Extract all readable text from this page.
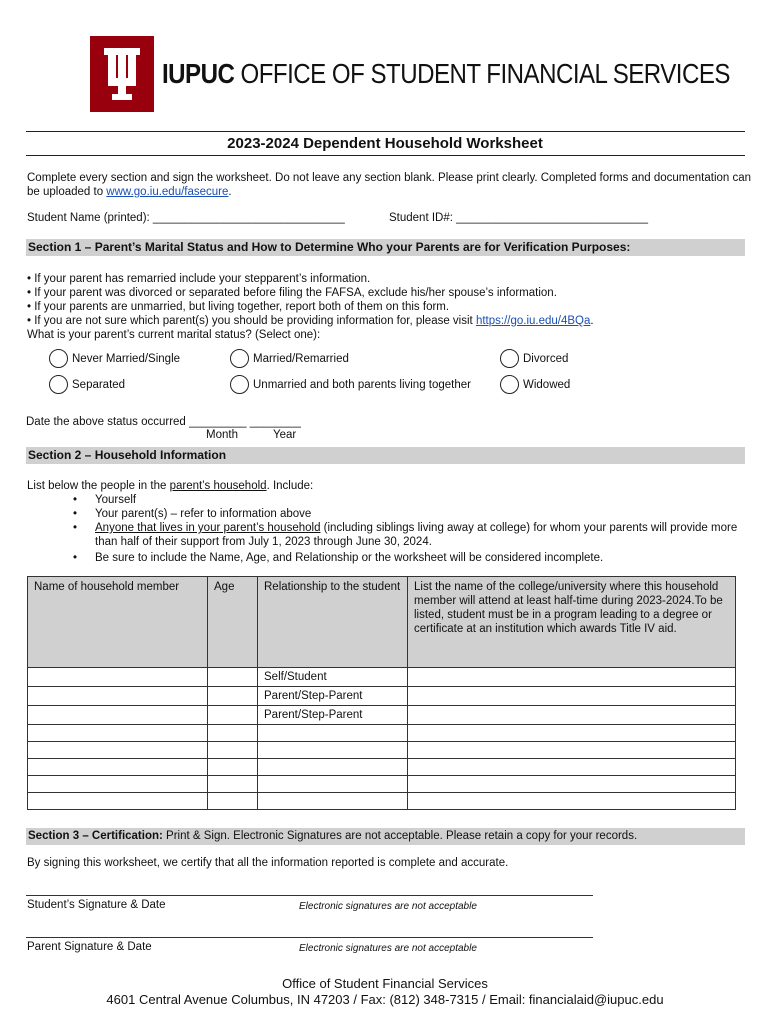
IUPUC OFFICE OF STUDENT FINANCIAL SERVICES
2023-2024 Dependent Household Worksheet
Complete every section and sign the worksheet. Do not leave any section blank. Please print clearly. Completed forms and documentation can be uploaded to www.go.iu.edu/fasecure.
Student Name (printed): ______________________________	Student ID#: ______________________________
Section 1 – Parent’s Marital Status and How to Determine Who your Parents are for Verification Purposes:
• If your parent has remarried include your stepparent’s information.
• If your parent was divorced or separated before filing the FAFSA, exclude his/her spouse’s information.
• If your parents are unmarried, but living together, report both of them on this form.
• If you are not sure which parent(s) you should be providing information for, please visit https://go.iu.edu/4BQa.
What is your parent’s current marital status? (Select one):
Never Married/Single	Married/Remarried	Divorced
Separated	Unmarried and both parents living together	Widowed
Date the above status occurred _________ ________
Month	Year
Section 2 – Household Information
List below the people in the parent’s household. Include:
• Yourself
• Your parent(s) – refer to information above
• Anyone that lives in your parent’s household (including siblings living away at college) for whom your parents will provide more than half of their support from July 1, 2023 through June 30, 2024.
• Be sure to include the Name, Age, and Relationship or the worksheet will be considered incomplete.
Name of household member	Age	Relationship to the student	List the name of the college/university where this household member will attend at least half-time during 2023-2024.To be listed, student must be in a program leading to a degree or certificate at an institution which awards Title IV aid.
		Self/Student	
		Parent/Step-Parent	
		Parent/Step-Parent	

Section 3 – Certification: Print & Sign. Electronic Signatures are not acceptable. Please retain a copy for your records.
By signing this worksheet, we certify that all the information reported is complete and accurate.
Student’s Signature & Date	Electronic signatures are not acceptable
Parent Signature & Date	Electronic signatures are not acceptable
Office of Student Financial Services
4601 Central Avenue Columbus, IN 47203 / Fax: (812) 348-7315 / Email: financialaid@iupuc.edu
